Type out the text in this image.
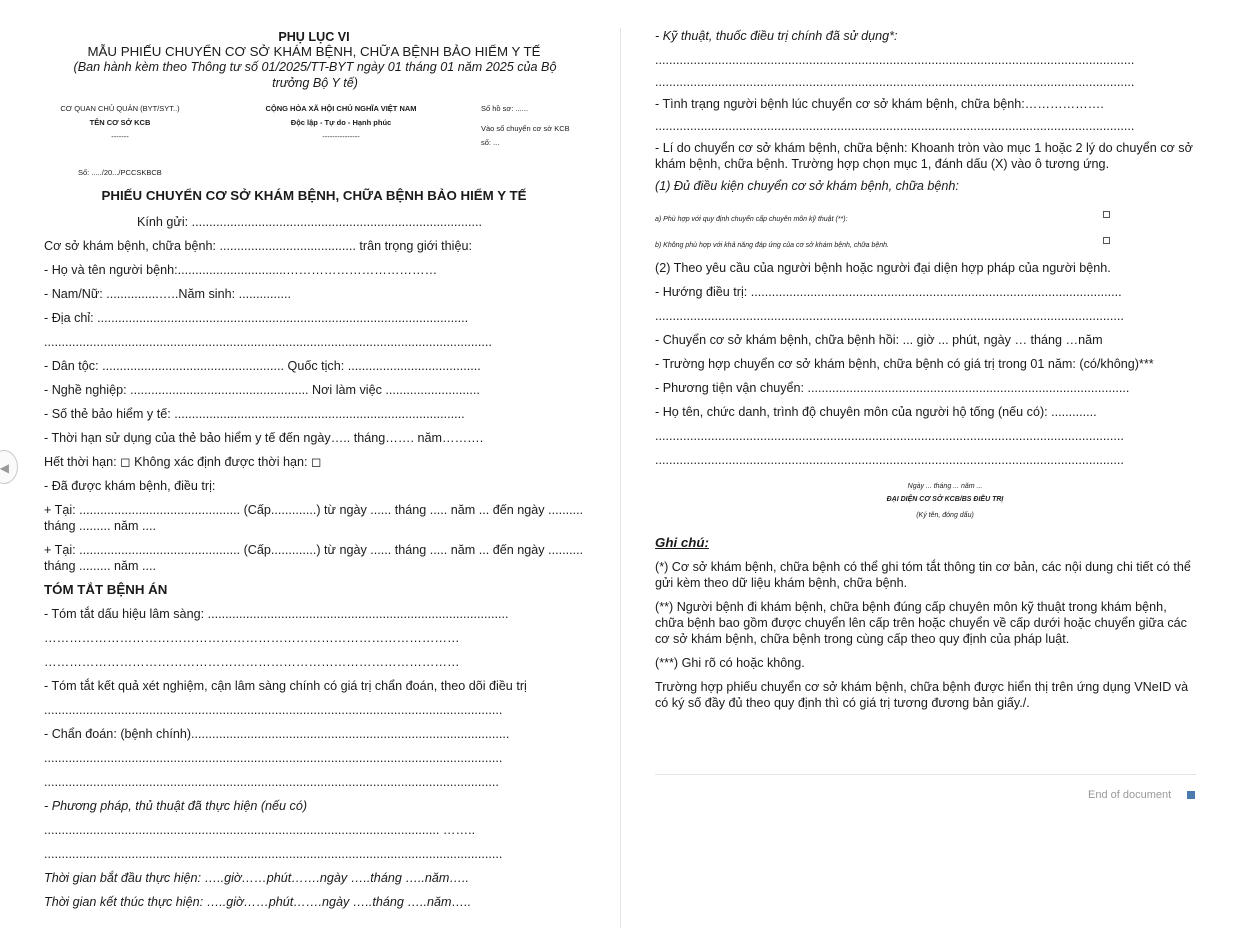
◀
PHỤ LỤC VI
MẪU PHIẾU CHUYỂN CƠ SỞ KHÁM BỆNH, CHỮA BỆNH BẢO HIỂM Y TẾ
(Ban hành kèm theo Thông tư số 01/2025/TT-BYT ngày 01 tháng 01 năm 2025 của Bộ trưởng Bộ Y tế)
CƠ QUAN CHỦ QUẢN (BYT/SYT..)
TÊN CƠ SỞ KCB
-------
CỘNG HÒA XÃ HỘI CHỦ NGHĨA VIỆT NAM
Độc lập - Tự do - Hạnh phúc
---------------
Số hồ sơ: ......
Vào sổ chuyển cơ sở KCB
số: ...
Số: ...../20.../PCCSKBCB
PHIẾU CHUYỂN CƠ SỞ KHÁM BỆNH, CHỮA BỆNH BẢO HIỂM Y TẾ
Kính gửi: ...................................................................................
Cơ sở khám bệnh, chữa bệnh: ....................................... trân trọng giới thiệu:
- Họ và tên người bệnh:...............................………………………………
- Nam/Nữ: ...............…..Năm sinh: ...............
- Địa chỉ: ..........................................................................................................
................................................................................................................................
- Dân tộc: .................................................... Quốc tịch: ......................................
- Nghề nghiệp: ................................................... Nơi làm việc ...........................
- Số thẻ bảo hiểm y tế: ...................................................................................
- Thời hạn sử dụng của thẻ bảo hiểm y tế đến ngày….. tháng……. năm……….
Hết thời hạn: ◻ Không xác định được thời hạn: ◻
- Đã được khám bệnh, điều trị:
+ Tại: .............................................. (Cấp.............) từ ngày ...... tháng ..... năm ... đến ngày .......... tháng ......... năm ....
+ Tại: .............................................. (Cấp.............) từ ngày ...... tháng ..... năm ... đến ngày .......... tháng ......... năm ....
TÓM TẮT BỆNH ÁN
- Tóm tắt dấu hiệu lâm sàng: ......................................................................................
………………………………………………………………………………………
………………………………………………………………………………………
- Tóm tắt kết quả xét nghiệm, cận lâm sàng chính có giá trị chẩn đoán, theo dõi điều trị
...................................................................................................................................
- Chẩn đoán: (bệnh chính)...........................................................................................
...................................................................................................................................
..................................................................................................................................
- Phương pháp, thủ thuật đã thực hiện (nếu có)
................................................................................................................. ……..
...................................................................................................................................
Thời gian bắt đầu thực hiện: …..giờ……phút…….ngày …..tháng …..năm…..
Thời gian kết thúc thực hiện: …..giờ……phút…….ngày …..tháng …..năm…..
- Kỹ thuật, thuốc điều trị chính đã sử dụng*:
.........................................................................................................................................
.........................................................................................................................................
- Tình trạng người bệnh lúc chuyển cơ sở khám bệnh, chữa bệnh:……………….
.........................................................................................................................................
- Lí do chuyển cơ sở khám bệnh, chữa bệnh: Khoanh tròn vào mục 1 hoặc 2 lý do chuyển cơ sở khám bệnh, chữa bệnh. Trường hợp chọn mục 1, đánh dấu (X) vào ô tương ứng.
(1) Đủ điều kiện chuyển cơ sở khám bệnh, chữa bệnh:
a) Phù hợp với quy định chuyển cấp chuyên môn kỹ thuật (**):
b) Không phù hợp với khả năng đáp ứng của cơ sở khám bệnh, chữa bệnh.
(2) Theo yêu cầu của người bệnh hoặc người đại diện hợp pháp của người bệnh.
- Hướng điều trị: ..........................................................................................................
......................................................................................................................................
- Chuyển cơ sở khám bệnh, chữa bệnh hồi: ... giờ ... phút, ngày … tháng …năm
- Trường hợp chuyển cơ sở khám bệnh, chữa bệnh có giá trị trong 01 năm: (có/không)***
- Phương tiện vận chuyển: ............................................................................................
- Họ tên, chức danh, trình độ chuyên môn của người hộ tống (nếu có): .............
......................................................................................................................................
......................................................................................................................................
Ngày ... tháng ... năm ...
ĐẠI DIỆN CƠ SỞ KCB/BS ĐIỀU TRỊ
(Ký tên, đóng dấu)
Ghi chú:
(*) Cơ sở khám bệnh, chữa bệnh có thể ghi tóm tắt thông tin cơ bản, các nội dung chi tiết có thể gửi kèm theo dữ liệu khám bệnh, chữa bệnh.
(**) Người bệnh đi khám bệnh, chữa bệnh đúng cấp chuyên môn kỹ thuật trong khám bệnh, chữa bệnh bao gồm được chuyển lên cấp trên hoặc chuyển về cấp dưới hoặc chuyển giữa các cơ sở khám bệnh, chữa bệnh trong cùng cấp theo quy định của pháp luật.
(***) Ghi rõ có hoặc không.
Trường hợp phiếu chuyển cơ sở khám bệnh, chữa bệnh được hiển thị trên ứng dụng VNeID và có ký số đầy đủ theo quy định thì có giá trị tương đương bản giấy./.
End of document
